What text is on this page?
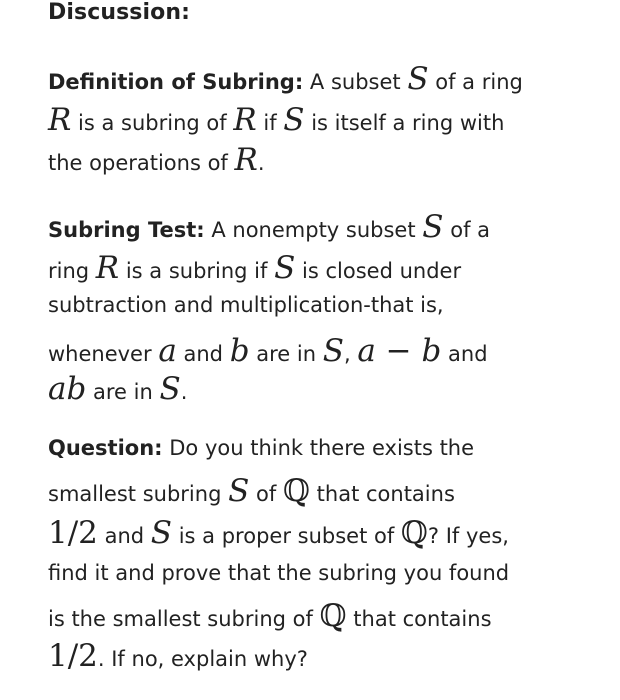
Discussion:
Definition of Subring: A subset S of a ring
R is a subring of R if S is itself a ring with
the operations of R.
Subring Test: A nonempty subset S of a
ring R is a subring if S is closed under
subtraction and multiplication-that is,
whenever a and b are in S, a − b and
ab are in S.
Question: Do you think there exists the
smallest subring S of ℚ that contains
1/2 and S is a proper subset of ℚ? If yes,
find it and prove that the subring you found
is the smallest subring of ℚ that contains
1/2. If no, explain why?
